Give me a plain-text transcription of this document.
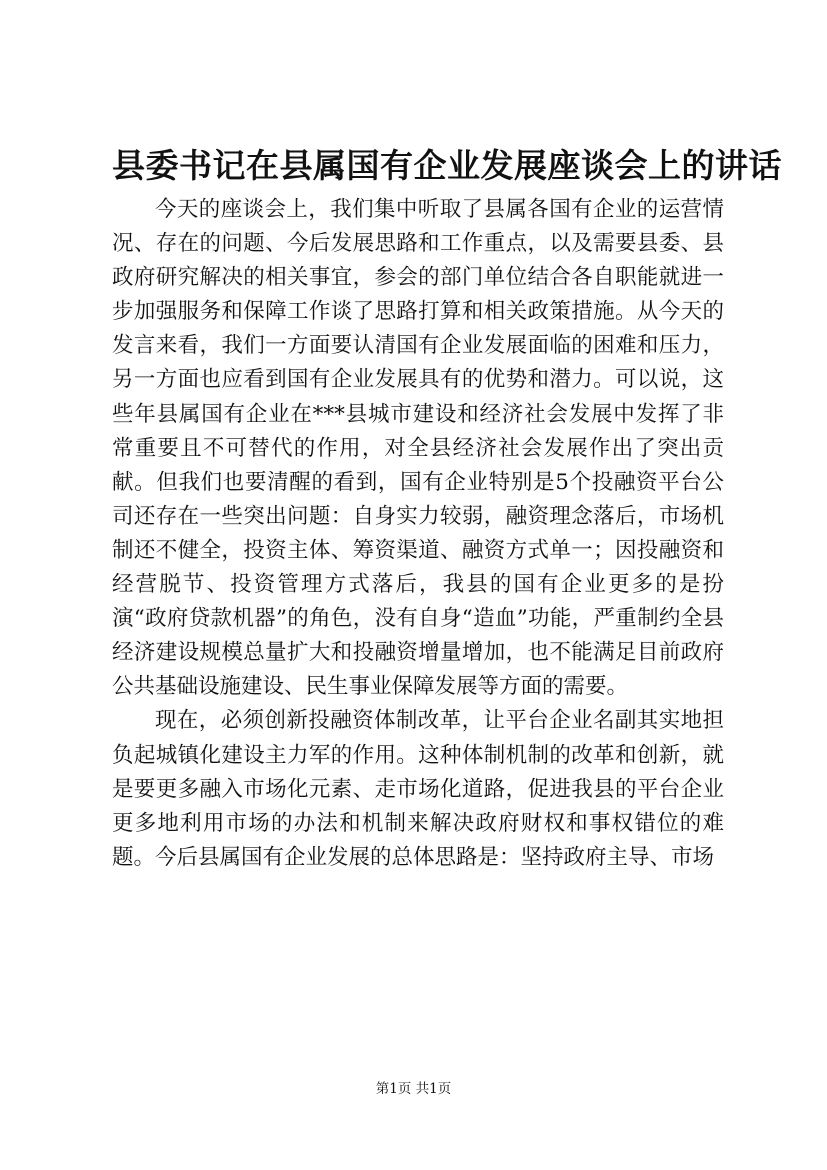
县委书记在县属国有企业发展座谈会上的讲话

今天的座谈会上，我们集中听取了县属各国有企业的运营情况、存在的问题、今后发展思路和工作重点，以及需要县委、县政府研究解决的相关事宜，参会的部门单位结合各自职能就进一步加强服务和保障工作谈了思路打算和相关政策措施。从今天的发言来看，我们一方面要认清国有企业发展面临的困难和压力，另一方面也应看到国有企业发展具有的优势和潜力。可以说，这些年县属国有企业在***县城市建设和经济社会发展中发挥了非常重要且不可替代的作用，对全县经济社会发展作出了突出贡献。但我们也要清醒的看到，国有企业特别是5个投融资平台公司还存在一些突出问题：自身实力较弱，融资理念落后，市场机制还不健全，投资主体、筹资渠道、融资方式单一；因投融资和经营脱节、投资管理方式落后，我县的国有企业更多的是扮演“政府贷款机器”的角色，没有自身“造血”功能，严重制约全县经济建设规模总量扩大和投融资增量增加，也不能满足目前政府公共基础设施建设、民生事业保障发展等方面的需要。

现在，必须创新投融资体制改革，让平台企业名副其实地担负起城镇化建设主力军的作用。这种体制机制的改革和创新，就是要更多融入市场化元素、走市场化道路，促进我县的平台企业更多地利用市场的办法和机制来解决政府财权和事权错位的难题。今后县属国有企业发展的总体思路是：坚持政府主导、市场

第1页 共1页
